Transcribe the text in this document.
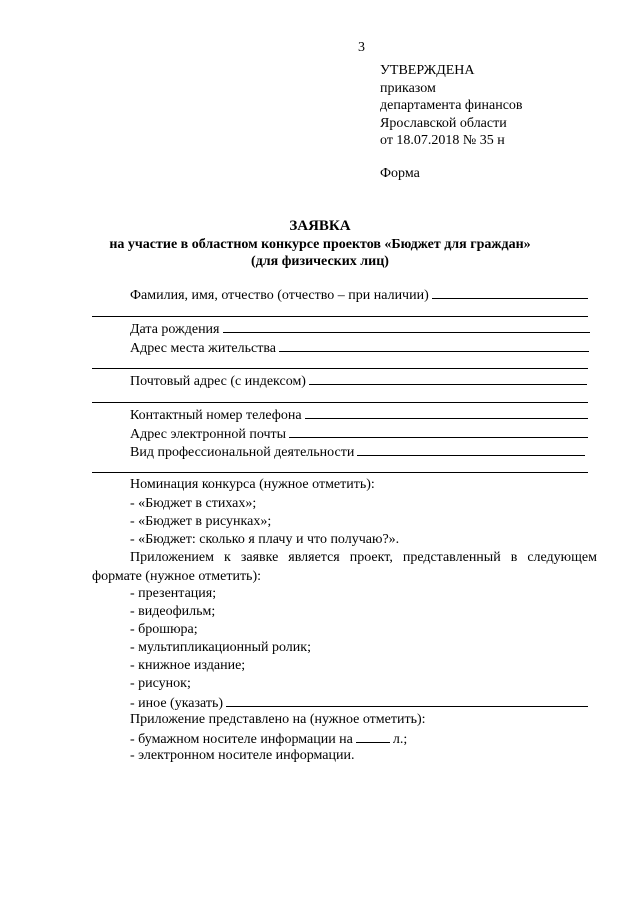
3
УТВЕРЖДЕНА
приказом
департамента финансов
Ярославской области
от 18.07.2018 № 35 н
Форма
ЗАЯВКА
на участие в областном конкурсе проектов «Бюджет для граждан»
(для физических лиц)
Фамилия, имя, отчество (отчество – при наличии)
Дата рождения
Адрес места жительства
Почтовый адрес (с индексом)
Контактный номер телефона
Адрес электронной почты
Вид профессиональной деятельности
Номинация конкурса (нужное отметить):
- «Бюджет в стихах»;
- «Бюджет в рисунках»;
- «Бюджет: сколько я плачу и что получаю?».
Приложением к заявке является проект, представленный в следующем формате (нужное отметить):
- презентация;
- видеофильм;
- брошюра;
- мультипликационный ролик;
- книжное издание;
- рисунок;
- иное (указать)
Приложение представлено на (нужное отметить):
- бумажном носителе информации на	л.;
- электронном носителе информации.
